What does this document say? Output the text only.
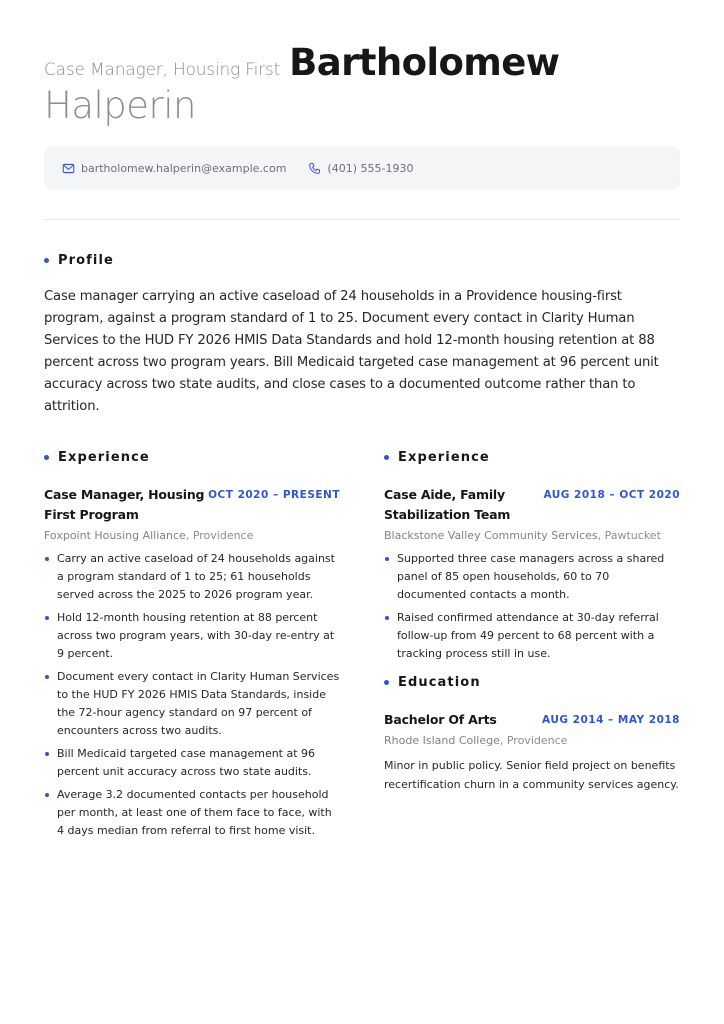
Case Manager, Housing First Bartholomew
Halperin
bartholomew.halperin@example.com	(401) 555-1930
Profile
Case manager carrying an active caseload of 24 households in a Providence housing-first program, against a program standard of 1 to 25. Document every contact in Clarity Human Services to the HUD FY 2026 HMIS Data Standards and hold 12-month housing retention at 88 percent across two program years. Bill Medicaid targeted case management at 96 percent unit accuracy across two state audits, and close cases to a documented outcome rather than to attrition.
Experience
Case Manager, Housing First Program
OCT 2020 – PRESENT
Foxpoint Housing Alliance, Providence
Carry an active caseload of 24 households against a program standard of 1 to 25; 61 households served across the 2025 to 2026 program year.
Hold 12-month housing retention at 88 percent across two program years, with 30-day re-entry at 9 percent.
Document every contact in Clarity Human Services to the HUD FY 2026 HMIS Data Standards, inside the 72-hour agency standard on 97 percent of encounters across two audits.
Bill Medicaid targeted case management at 96 percent unit accuracy across two state audits.
Average 3.2 documented contacts per household per month, at least one of them face to face, with 4 days median from referral to first home visit.
Experience
Case Aide, Family Stabilization Team
AUG 2018 – OCT 2020
Blackstone Valley Community Services, Pawtucket
Supported three case managers across a shared panel of 85 open households, 60 to 70 documented contacts a month.
Raised confirmed attendance at 30-day referral follow-up from 49 percent to 68 percent with a tracking process still in use.
Education
Bachelor Of Arts	AUG 2014 – MAY 2018
Rhode Island College, Providence
Minor in public policy. Senior field project on benefits recertification churn in a community services agency.
